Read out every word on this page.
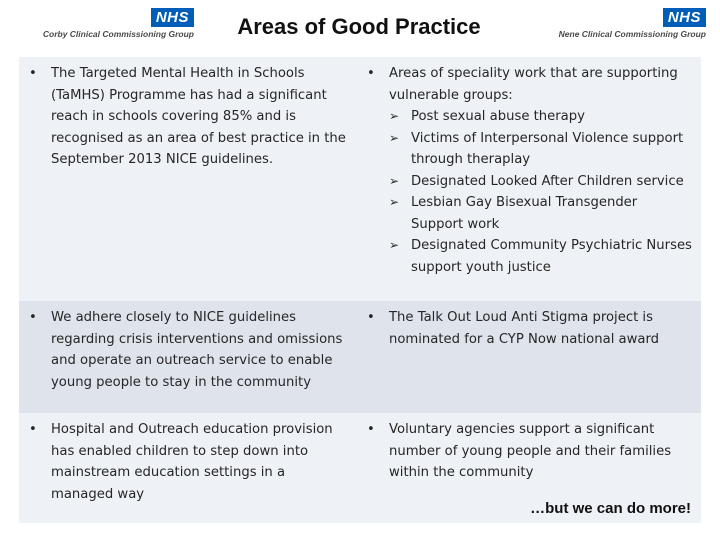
NHS
Corby Clinical Commissioning Group	Areas of Good Practice	NHS
Nene Clinical Commissioning Group
•	The Targeted Mental Health in Schools (TaMHS) Programme has had a significant reach in schools covering 85% and is recognised as an area of best practice in the September 2013 NICE guidelines.
•	Areas of speciality work that are supporting vulnerable groups:
➢ Post sexual abuse therapy
➢ Victims of Interpersonal Violence support through theraplay
➢ Designated Looked After Children service
➢ Lesbian Gay Bisexual Transgender Support work
➢ Designated Community Psychiatric Nurses support youth justice
•	We adhere closely to NICE guidelines regarding crisis interventions and omissions and operate an outreach service to enable young people to stay in the community
•	The Talk Out Loud Anti Stigma project is nominated for a CYP Now national award
•	Hospital and Outreach education provision has enabled children to step down into mainstream education settings in a managed way
•	Voluntary agencies support a significant number of young people and their families within the community
…but we can do more!
